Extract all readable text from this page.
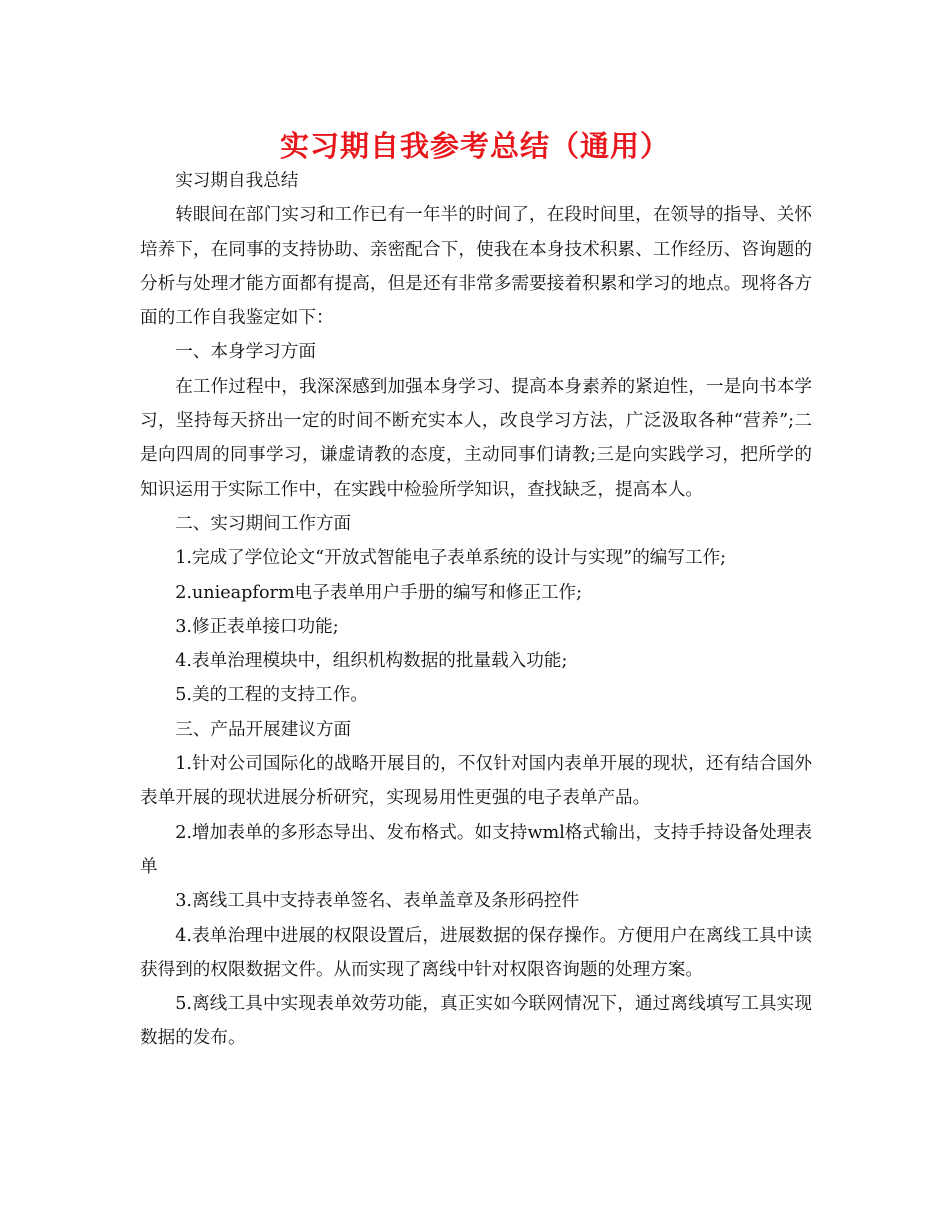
实习期自我参考总结（通用）

实习期自我总结

转眼间在部门实习和工作已有一年半的时间了，在段时间里，在领导的指导、关怀培养下，在同事的支持协助、亲密配合下，使我在本身技术积累、工作经历、咨询题的分析与处理才能方面都有提高，但是还有非常多需要接着积累和学习的地点。现将各方面的工作自我鉴定如下：

一、本身学习方面

在工作过程中，我深深感到加强本身学习、提高本身素养的紧迫性，一是向书本学习，坚持每天挤出一定的时间不断充实本人，改良学习方法，广泛汲取各种“营养”;二是向四周的同事学习，谦虚请教的态度，主动同事们请教;三是向实践学习，把所学的知识运用于实际工作中，在实践中检验所学知识，查找缺乏，提高本人。

二、实习期间工作方面

1.完成了学位论文“开放式智能电子表单系统的设计与实现”的编写工作;

2.unieapform电子表单用户手册的编写和修正工作;

3.修正表单接口功能;

4.表单治理模块中，组织机构数据的批量载入功能;

5.美的工程的支持工作。

三、产品开展建议方面

1.针对公司国际化的战略开展目的，不仅针对国内表单开展的现状，还有结合国外表单开展的现状进展分析研究，实现易用性更强的电子表单产品。

2.增加表单的多形态导出、发布格式。如支持wml格式输出，支持手持设备处理表单

3.离线工具中支持表单签名、表单盖章及条形码控件

4.表单治理中进展的权限设置后，进展数据的保存操作。方便用户在离线工具中读获得到的权限数据文件。从而实现了离线中针对权限咨询题的处理方案。

5.离线工具中实现表单效劳功能，真正实如今联网情况下，通过离线填写工具实现数据的发布。
